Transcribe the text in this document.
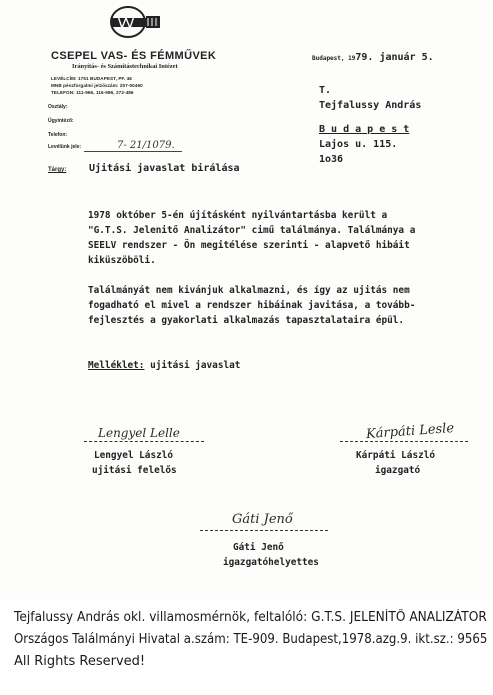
CSEPEL VAS- ÉS FÉMMŰVEK
Irányítás- és Számítástechnikai Intézet
LEVÉLCÍM: 1751 BUDAPEST, PF. 46
MNB pénzforgalmi jelzőszám: 207-00460
TELEFON: 111-966, 116-986, 272-486
Budapest, 1979. január 5.
Osztály:
Ügyintéző:
Telefon:
Levélünk jele:	7- 21/1079.
T.
Tejfalussy András
B u d a p e s t
Lajos u. 115.
1o36
Tárgy: Ujitási javaslat birálása
1978 október 5-én újításként nyilvántartásba került a
"G.T.S. Jelenitő Analizátor" cimű találmánya. Találmánya a
SEELV rendszer - Ön megitélése szerinti - alapvető hibáit
kiküszöböli.
Találmányát nem kivánjuk alkalmazni, és így az ujitás nem
fogadható el mivel a rendszer hibáinak javitása, a tovább-
fejlesztés a gyakorlati alkalmazás tapasztalataira épül.
Melléklet: ujitási javaslat
Lengyel Lelle
Lengyel László
ujitási felelős
Kárpáti Lesle
Kárpáti László
igazgató
Gáti Jenő
Gáti Jenő
igazgatóhelyettes
Tejfalussy András okl. villamosmérnök, feltalóló: G.T.S. JELENÍTŐ ANALIZÁTOR
Országos Találmányi Hivatal a.szám: TE-909. Budapest,1978.azg.9. ikt.sz.: 9565
All Rights Reserved!
